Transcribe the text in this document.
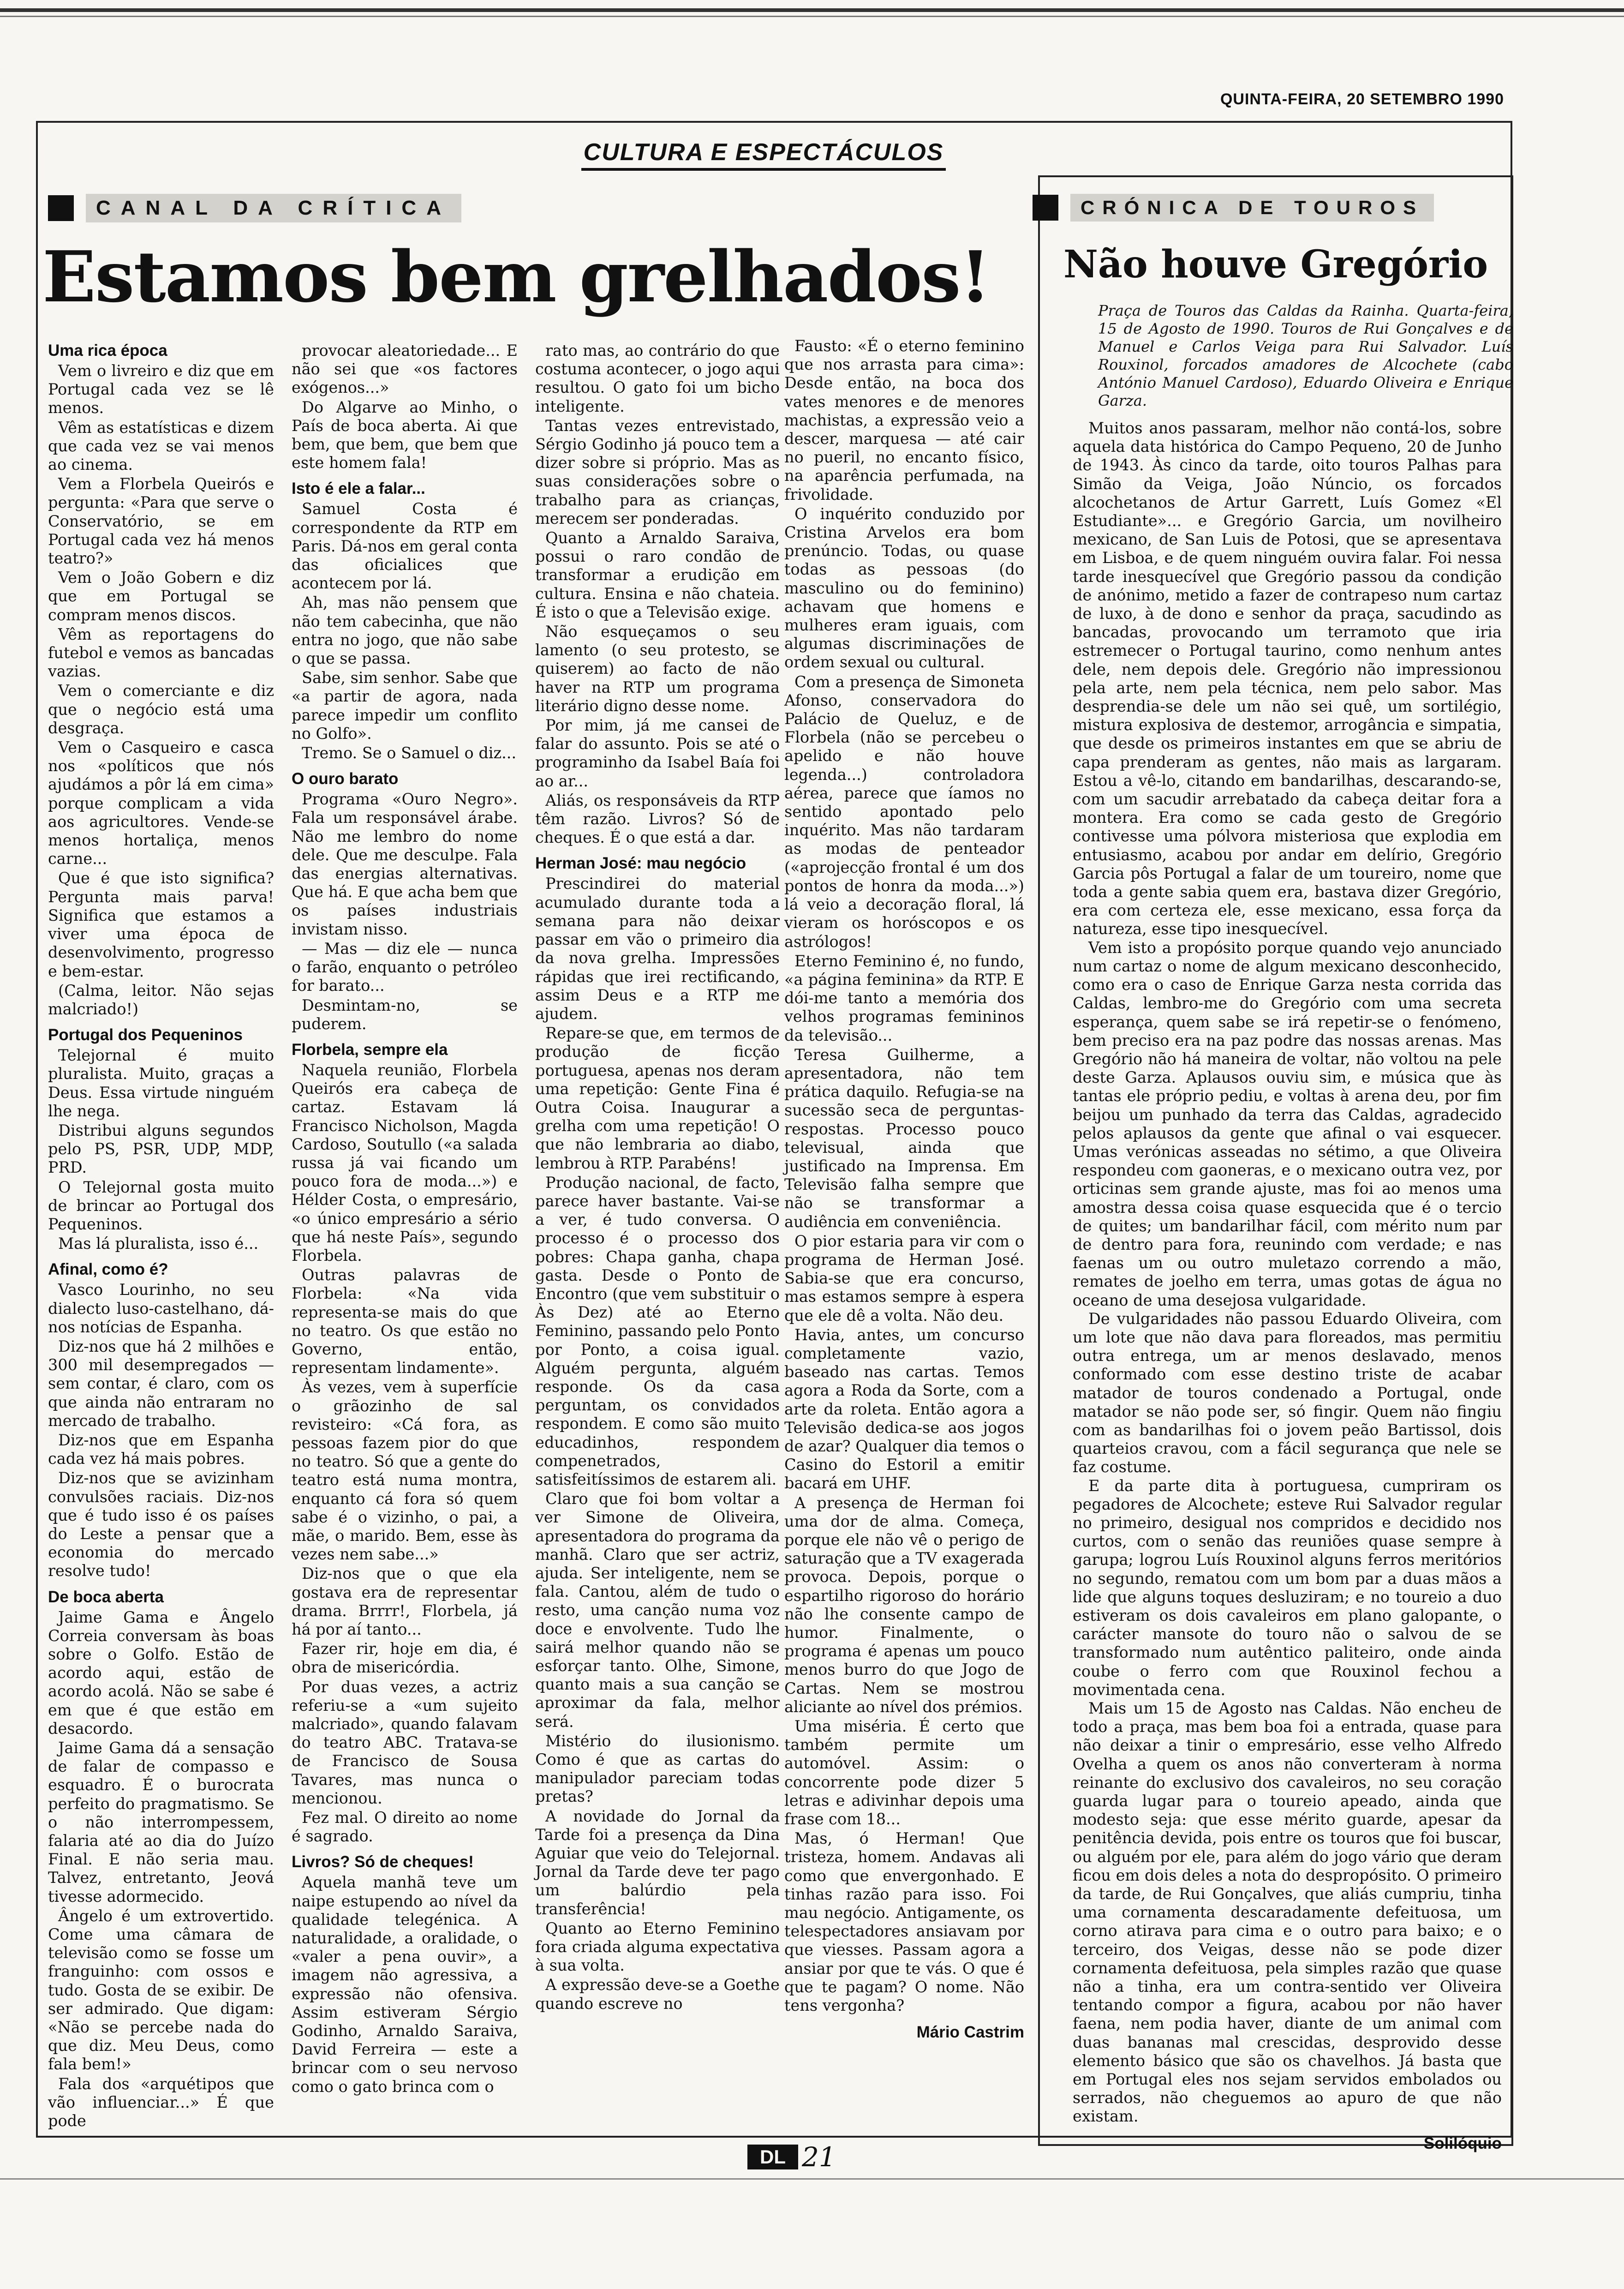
QUINTA-FEIRA, 20 SETEMBRO 1990
CULTURA E ESPECTÁCULOS
CANAL DA CRÍTICA
Estamos bem grelhados!
Uma rica época

Vem o livreiro e diz que em Portugal cada vez se lê menos.

Vêm as estatísticas e dizem que cada vez se vai menos ao cinema.

Vem a Florbela Queirós e pergunta: «Para que serve o Conservatório, se em Portugal cada vez há menos teatro?»

Vem o João Gobern e diz que em Portugal se compram menos discos.

Vêm as reportagens do futebol e vemos as bancadas vazias.

Vem o comerciante e diz que o negócio está uma desgraça.

Vem o Casqueiro e casca nos «políticos que nós ajudámos a pôr lá em cima» porque complicam a vida aos agricultores. Vende-se menos hortaliça, menos carne...

Que é que isto significa? Pergunta mais parva! Significa que estamos a viver uma época de desenvolvimento, progresso e bem-estar.

(Calma, leitor. Não sejas malcriado!)

Portugal dos Pequeninos

Telejornal é muito pluralista. Muito, graças a Deus. Essa virtude ninguém lhe nega.

Distribui alguns segundos pelo PS, PSR, UDP, MDP, PRD.

O Telejornal gosta muito de brincar ao Portugal dos Pequeninos.

Mas lá pluralista, isso é...

Afinal, como é?

Vasco Lourinho, no seu dialecto luso-castelhano, dá-nos notícias de Espanha.

Diz-nos que há 2 milhões e 300 mil desempregados — sem contar, é claro, com os que ainda não entraram no mercado de trabalho.

Diz-nos que em Espanha cada vez há mais pobres.

Diz-nos que se avizinham convulsões raciais. Diz-nos que é tudo isso é os países do Leste a pensar que a economia do mercado resolve tudo!

De boca aberta

Jaime Gama e Ângelo Correia conversam às boas sobre o Golfo. Estão de acordo aqui, estão de acordo acolá. Não se sabe é em que é que estão em desacordo.

Jaime Gama dá a sensação de falar de compasso e esquadro. É o burocrata perfeito do pragmatismo. Se o não interrompessem, falaria até ao dia do Juízo Final. E não seria mau. Talvez, entretanto, Jeová tivesse adormecido.

Ângelo é um extrovertido. Come uma câmara de televisão como se fosse um franguinho: com ossos e tudo. Gosta de se exibir. De ser admirado. Que digam: «Não se percebe nada do que diz. Meu Deus, como fala bem!»

Fala dos «arquétipos que vão influenciar...» É que pode

provocar aleatoriedade... E não sei que «os factores exógenos...»

Do Algarve ao Minho, o País de boca aberta. Ai que bem, que bem, que bem que este homem fala!

Isto é ele a falar...

Samuel Costa é correspondente da RTP em Paris. Dá-nos em geral conta das oficialices que acontecem por lá.

Ah, mas não pensem que não tem cabecinha, que não entra no jogo, que não sabe o que se passa.

Sabe, sim senhor. Sabe que «a partir de agora, nada parece impedir um conflito no Golfo».

Tremo. Se o Samuel o diz...

O ouro barato

Programa «Ouro Negro». Fala um responsável árabe. Não me lembro do nome dele. Que me desculpe. Fala das energias alternativas. Que há. E que acha bem que os países industriais invistam nisso.

— Mas — diz ele — nunca o farão, enquanto o petróleo for barato...

Desmintam-no, se puderem.

Florbela, sempre ela

Naquela reunião, Florbela Queirós era cabeça de cartaz. Estavam lá Francisco Nicholson, Magda Cardoso, Soutullo («a salada russa já vai ficando um pouco fora de moda...») e Hélder Costa, o empresário, «o único empresário a sério que há neste País», segundo Florbela.

Outras palavras de Florbela: «Na vida representa-se mais do que no teatro. Os que estão no Governo, então, representam lindamente».

Às vezes, vem à superfície o grãozinho de sal revisteiro: «Cá fora, as pessoas fazem pior do que no teatro. Só que a gente do teatro está numa montra, enquanto cá fora só quem sabe é o vizinho, o pai, a mãe, o marido. Bem, esse às vezes nem sabe...»

Diz-nos que o que ela gostava era de representar drama. Brrrr!, Florbela, já há por aí tanto...

Fazer rir, hoje em dia, é obra de misericórdia.

Por duas vezes, a actriz referiu-se a «um sujeito malcriado», quando falavam do teatro ABC. Tratava-se de Francisco de Sousa Tavares, mas nunca o mencionou.

Fez mal. O direito ao nome é sagrado.

Livros? Só de cheques!

Aquela manhã teve um naipe estupendo ao nível da qualidade telegénica. A naturalidade, a oralidade, o «valer a pena ouvir», a imagem não agressiva, a expressão não ofensiva. Assim estiveram Sérgio Godinho, Arnaldo Saraiva, David Ferreira — este a brincar com o seu nervoso como o gato brinca com o

rato mas, ao contrário do que costuma acontecer, o jogo aqui resultou. O gato foi um bicho inteligente.

Tantas vezes entrevistado, Sérgio Godinho já pouco tem a dizer sobre si próprio. Mas as suas considerações sobre o trabalho para as crianças, merecem ser ponderadas.

Quanto a Arnaldo Saraiva, possui o raro condão de transformar a erudição em cultura. Ensina e não chateia. É isto o que a Televisão exige.

Não esqueçamos o seu lamento (o seu protesto, se quiserem) ao facto de não haver na RTP um programa literário digno desse nome.

Por mim, já me cansei de falar do assunto. Pois se até o programinho da Isabel Baía foi ao ar...

Aliás, os responsáveis da RTP têm razão. Livros? Só de cheques. É o que está a dar.

Herman José: mau negócio

Prescindirei do material acumulado durante toda a semana para não deixar passar em vão o primeiro dia da nova grelha. Impressões rápidas que irei rectificando, assim Deus e a RTP me ajudem.

Repare-se que, em termos de produção de ficção portuguesa, apenas nos deram uma repetição: Gente Fina é Outra Coisa. Inaugurar a grelha com uma repetição! O que não lembraria ao diabo, lembrou à RTP. Parabéns!

Produção nacional, de facto, parece haver bastante. Vai-se a ver, é tudo conversa. O processo é o processo dos pobres: Chapa ganha, chapa gasta. Desde o Ponto de Encontro (que vem substituir o Às Dez) até ao Eterno Feminino, passando pelo Ponto por Ponto, a coisa igual. Alguém pergunta, alguém responde. Os da casa perguntam, os convidados respondem. E como são muito educadinhos, respondem compenetrados, satisfeitíssimos de estarem ali.

Claro que foi bom voltar a ver Simone de Oliveira, apresentadora do programa da manhã. Claro que ser actriz, ajuda. Ser inteligente, nem se fala. Cantou, além de tudo o resto, uma canção numa voz doce e envolvente. Tudo lhe sairá melhor quando não se esforçar tanto. Olhe, Simone, quanto mais a sua canção se aproximar da fala, melhor será.

Mistério do ilusionismo. Como é que as cartas do manipulador pareciam todas pretas?

A novidade do Jornal da Tarde foi a presença da Dina Aguiar que veio do Telejornal. Jornal da Tarde deve ter pago um balúrdio pela transferência!

Quanto ao Eterno Feminino fora criada alguma expectativa à sua volta.

A expressão deve-se a Goethe quando escreve no

Fausto: «É o eterno feminino que nos arrasta para cima»: Desde então, na boca dos vates menores e de menores machistas, a expressão veio a descer, marquesa — até cair no pueril, no encanto físico, na aparência perfumada, na frivolidade.

O inquérito conduzido por Cristina Arvelos era bom prenúncio. Todas, ou quase todas as pessoas (do masculino ou do feminino) achavam que homens e mulheres eram iguais, com algumas discriminações de ordem sexual ou cultural.

Com a presença de Simoneta Afonso, conservadora do Palácio de Queluz, e de Florbela (não se percebeu o apelido e não houve legenda...) controladora aérea, parece que íamos no sentido apontado pelo inquérito. Mas não tardaram as modas de penteador («aprojecção frontal é um dos pontos de honra da moda...») lá veio a decoração floral, lá vieram os horóscopos e os astrólogos!

Eterno Feminino é, no fundo, «a página feminina» da RTP. E dói-me tanto a memória dos velhos programas femininos da televisão...

Teresa Guilherme, a apresentadora, não tem prática daquilo. Refugia-se na sucessão seca de perguntas-respostas. Processo pouco televisual, ainda que justificado na Imprensa. Em Televisão falha sempre que não se transformar a audiência em conveniência.

O pior estaria para vir com o programa de Herman José. Sabia-se que era concurso, mas estamos sempre à espera que ele dê a volta. Não deu.

Havia, antes, um concurso completamente vazio, baseado nas cartas. Temos agora a Roda da Sorte, com a arte da roleta. Então agora a Televisão dedica-se aos jogos de azar? Qualquer dia temos o Casino do Estoril a emitir bacará em UHF.

A presença de Herman foi uma dor de alma. Começa, porque ele não vê o perigo de saturação que a TV exagerada provoca. Depois, porque o espartilho rigoroso do horário não lhe consente campo de humor. Finalmente, o programa é apenas um pouco menos burro do que Jogo de Cartas. Nem se mostrou aliciante ao nível dos prémios.

Uma miséria. É certo que também permite um automóvel. Assim: o concorrente pode dizer 5 letras e adivinhar depois uma frase com 18...

Mas, ó Herman! Que tristeza, homem. Andavas ali como que envergonhado. E tinhas razão para isso. Foi mau negócio. Antigamente, os telespectadores ansiavam por que viesses. Passam agora a ansiar por que te vás. O que é que te pagam? O nome. Não tens vergonha?

Mário Castrim
CRÓNICA DE TOUROS
Não houve Gregório
Praça de Touros das Caldas da Rainha. Quarta-feira, 15 de Agosto de 1990. Touros de Rui Gonçalves e de Manuel e Carlos Veiga para Rui Salvador. Luís Rouxinol, forcados amadores de Alcochete (cabo António Manuel Cardoso), Eduardo Oliveira e Enrique Garza.

Muitos anos passaram, melhor não contá-los, sobre aquela data histórica do Campo Pequeno, 20 de Junho de 1943. Às cinco da tarde, oito touros Palhas para Simão da Veiga, João Núncio, os forcados alcochetanos de Artur Garrett, Luís Gomez «El Estudiante»... e Gregório Garcia, um novilheiro mexicano, de San Luis de Potosi, que se apresentava em Lisboa, e de quem ninguém ouvira falar. Foi nessa tarde inesquecível que Gregório passou da condição de anónimo, metido a fazer de contrapeso num cartaz de luxo, à de dono e senhor da praça, sacudindo as bancadas, provocando um terramoto que iria estremecer o Portugal taurino, como nenhum antes dele, nem depois dele. Gregório não impressionou pela arte, nem pela técnica, nem pelo sabor. Mas desprendia-se dele um não sei quê, um sortilégio, mistura explosiva de destemor, arrogância e simpatia, que desde os primeiros instantes em que se abriu de capa prenderam as gentes, não mais as largaram. Estou a vê-lo, citando em bandarilhas, descarando-se, com um sacudir arrebatado da cabeça deitar fora a montera. Era como se cada gesto de Gregório contivesse uma pólvora misteriosa que explodia em entusiasmo, acabou por andar em delírio, Gregório Garcia pôs Portugal a falar de um toureiro, nome que toda a gente sabia quem era, bastava dizer Gregório, era com certeza ele, esse mexicano, essa força da natureza, esse tipo inesquecível.

Vem isto a propósito porque quando vejo anunciado num cartaz o nome de algum mexicano desconhecido, como era o caso de Enrique Garza nesta corrida das Caldas, lembro-me do Gregório com uma secreta esperança, quem sabe se irá repetir-se o fenómeno, bem preciso era na paz podre das nossas arenas. Mas Gregório não há maneira de voltar, não voltou na pele deste Garza. Aplausos ouviu sim, e música que às tantas ele próprio pediu, e voltas à arena deu, por fim beijou um punhado da terra das Caldas, agradecido pelos aplausos da gente que afinal o vai esquecer. Umas verónicas asseadas no sétimo, a que Oliveira respondeu com gaoneras, e o mexicano outra vez, por orticinas sem grande ajuste, mas foi ao menos uma amostra dessa coisa quase esquecida que é o tercio de quites; um bandarilhar fácil, com mérito num par de dentro para fora, reunindo com verdade; e nas faenas um ou outro muletazo correndo a mão, remates de joelho em terra, umas gotas de água no oceano de uma desejosa vulgaridade.

De vulgaridades não passou Eduardo Oliveira, com um lote que não dava para floreados, mas permitiu outra entrega, um ar menos deslavado, menos conformado com esse destino triste de acabar matador de touros condenado a Portugal, onde matador se não pode ser, só fingir. Quem não fingiu com as bandarilhas foi o jovem peão Bartissol, dois quarteios cravou, com a fácil segurança que nele se faz costume.

E da parte dita à portuguesa, cumpriram os pegadores de Alcochete; esteve Rui Salvador regular no primeiro, desigual nos compridos e decidido nos curtos, com o senão das reuniões quase sempre à garupa; logrou Luís Rouxinol alguns ferros meritórios no segundo, rematou com um bom par a duas mãos a lide que alguns toques desluziram; e no toureio a duo estiveram os dois cavaleiros em plano galopante, o carácter mansote do touro não o salvou de se transformado num autêntico paliteiro, onde ainda coube o ferro com que Rouxinol fechou a movimentada cena.

Mais um 15 de Agosto nas Caldas. Não encheu de todo a praça, mas bem boa foi a entrada, quase para não deixar a tinir o empresário, esse velho Alfredo Ovelha a quem os anos não converteram à norma reinante do exclusivo dos cavaleiros, no seu coração guarda lugar para o toureio apeado, ainda que modesto seja: que esse mérito guarde, apesar da penitência devida, pois entre os touros que foi buscar, ou alguém por ele, para além do jogo vário que deram ficou em dois deles a nota do despropósito. O primeiro da tarde, de Rui Gonçalves, que aliás cumpriu, tinha uma cornamenta descaradamente defeituosa, um corno atirava para cima e o outro para baixo; e o terceiro, dos Veigas, desse não se pode dizer cornamenta defeituosa, pela simples razão que quase não a tinha, era um contra-sentido ver Oliveira tentando compor a figura, acabou por não haver faena, nem podia haver, diante de um animal com duas bananas mal crescidas, desprovido desse elemento básico que são os chavelhos. Já basta que em Portugal eles nos sejam servidos embolados ou serrados, não cheguemos ao apuro de que não existam.

Solilóquio
DL 21
